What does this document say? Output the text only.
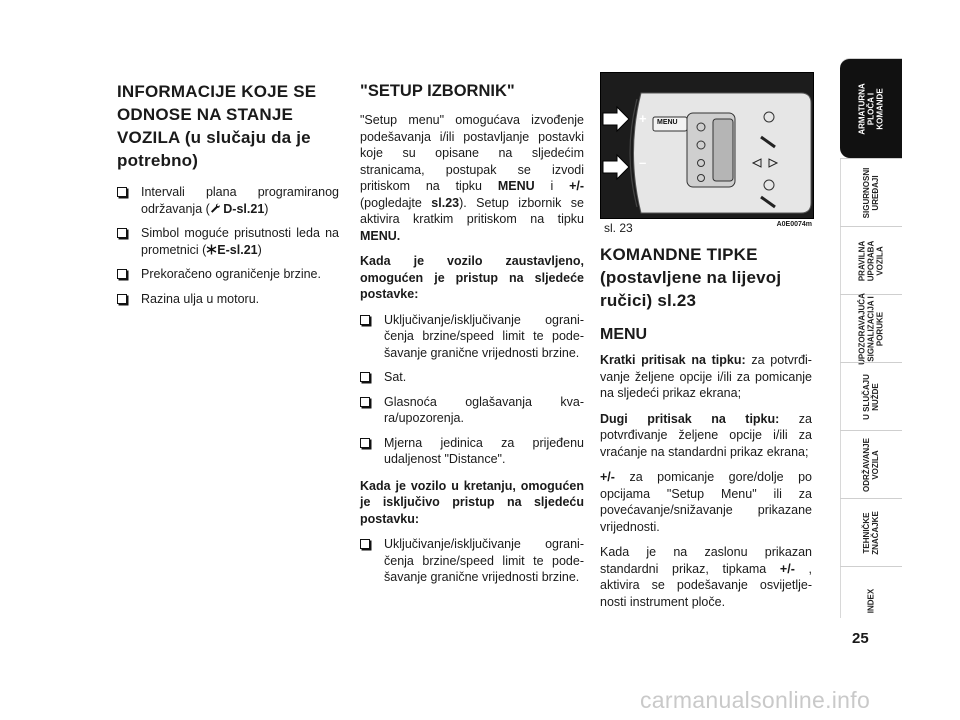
INFORMACIJE KOJE SE ODNOSE NA STANJE VOZILA (u slučaju da je potrebno)
Intervali plana programiranog održavanja ( D-sl.21)
Simbol moguće prisutnosti leda na prometnici ( E-sl.21)
Prekoračeno ograničenje brzine.
Razina ulja u motoru.
"SETUP IZBORNIK"

"Setup menu" omogućava izvođenje podešavanja i/ili postavljanje postavki koje su opisane na sljedećim stranicama, postupak se izvodi pritiskom na tipku MENU i +/- (pogledajte sl.23). Setup izbornik se aktivira kratkim pritiskom na tipku MENU.

Kada je vozilo zaustavljeno, omogućen je pristup na sljedeće postavke:

Uključivanje/isključivanje ograni- čenja brzine/speed limit te pode- šavanje granične vrijednosti brzine.
Sat.
Glasnoća oglašavanja kva- ra/upozorenja.
Mjerna jedinica za prijeđenu udaljenost "Distance".

Kada je vozilo u kretanju, omogućen je isključivo pristup na sljedeću postavku:

Uključivanje/isključivanje ograni- čenja brzine/speed limit te pode- šavanje granične vrijednosti brzine.
MENU
+
–
sl. 23	A0E0074m
KOMANDNE TIPKE (postavljene na lijevoj ručici) sl.23
MENU

Kratki pritisak na tipku: za potvrđi- vanje željene opcije i/ili za pomicanje na sljedeći prikaz ekrana;

Dugi pritisak na tipku: za potvrđivanje željene opcije i/ili za vraćanje na standardni prikaz ekrana;

+/- za pomicanje gore/dolje po opcijama "Setup Menu" ili za povećavanje/snižavanje prikazane vrijednosti.

Kada je na zaslonu prikazan standardni prikaz, tipkama +/- , aktivira se podešavanje osvijetlje- nosti instrument ploče.

ARMATURNA
PLOČA I
KOMANDE
SIGURNOSNI
UREĐAJI
PRAVILNA
UPORABA
VOZILA
UPOZORAVAJUĆA
SIGNALIZACIJA I
PORUKE
U SLUČAJU
NUŽDE
ODRŽAVANJE
VOZILA
TEHNIČKE
ZNAČAJKE
INDEX
25
carmanualsonline.info
